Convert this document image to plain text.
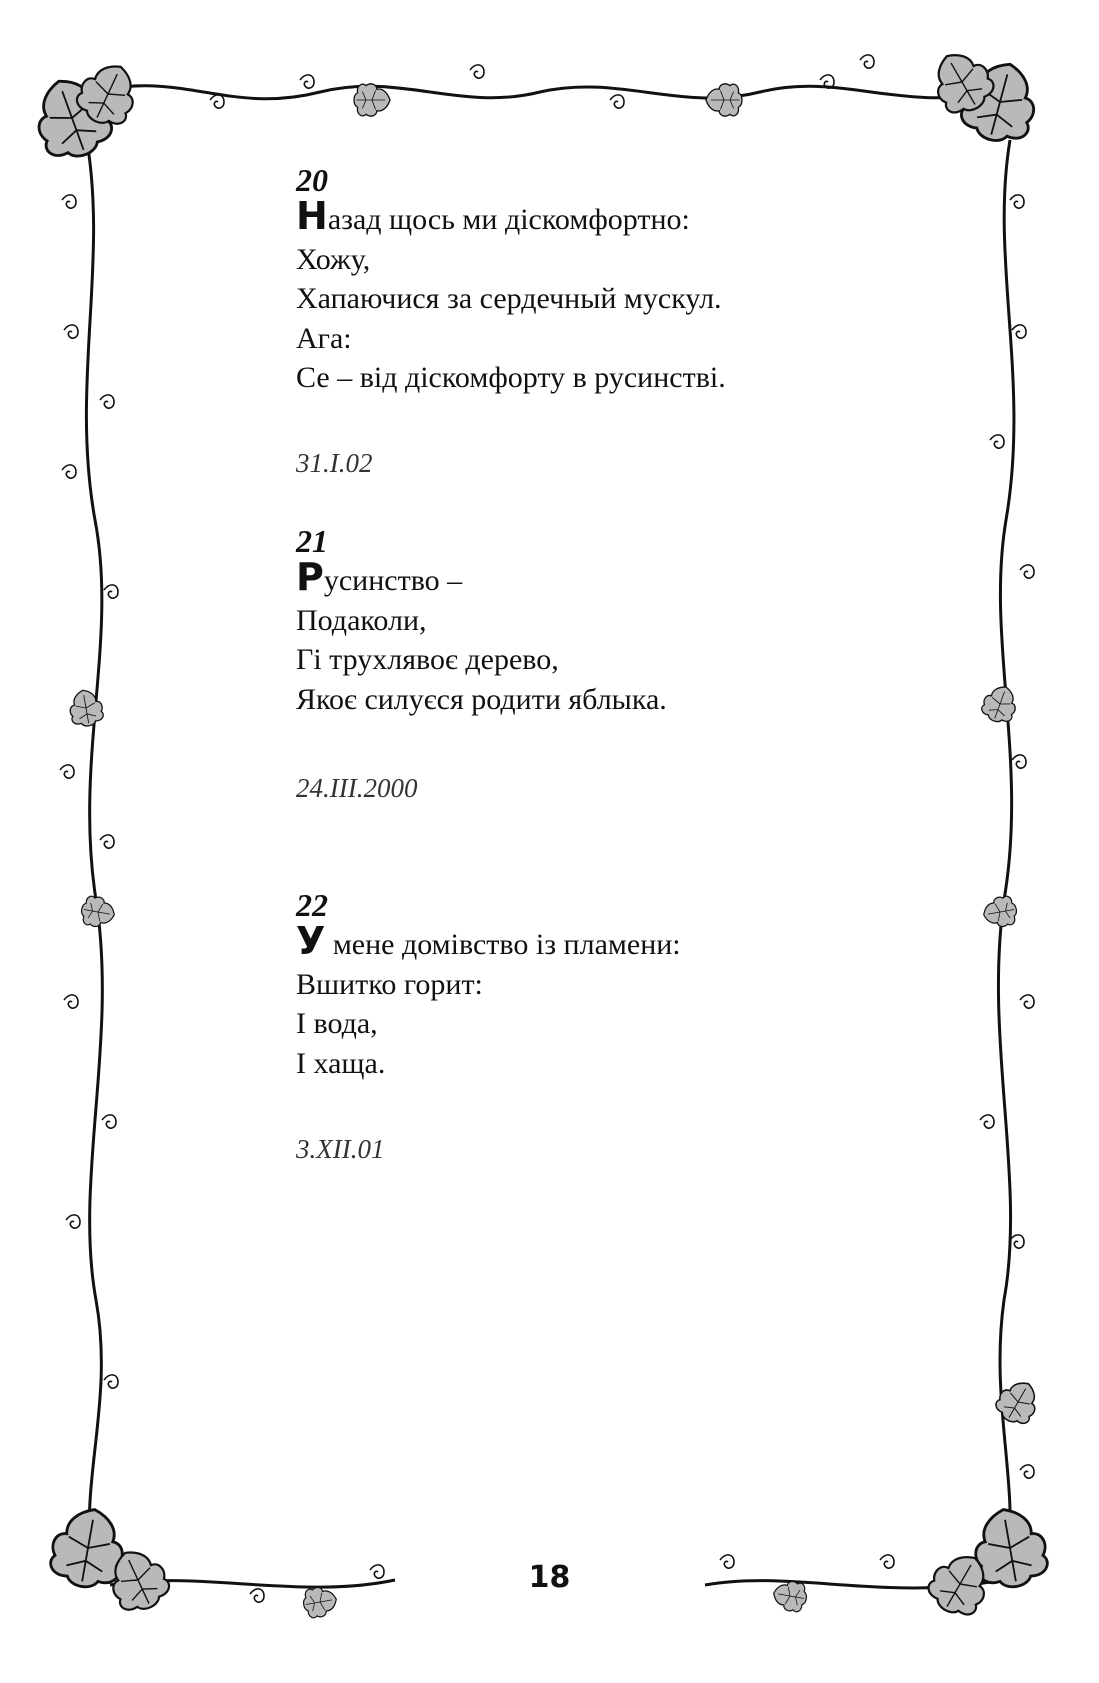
20
Назад щось ми діскомфортно:
Хожу,
Хапаючися за сердечный мускул.
Ага:
Се – від діскомфорту в русинстві.
31.I.02
21
Русинство –
Подаколи,
Гі трухлявоє дерево,
Якоє силуєся родити яблыка.
24.III.2000
22
У мене домівство із пламени:
Вшитко горит:
І вода,
І хаща.
3.XII.01
18
